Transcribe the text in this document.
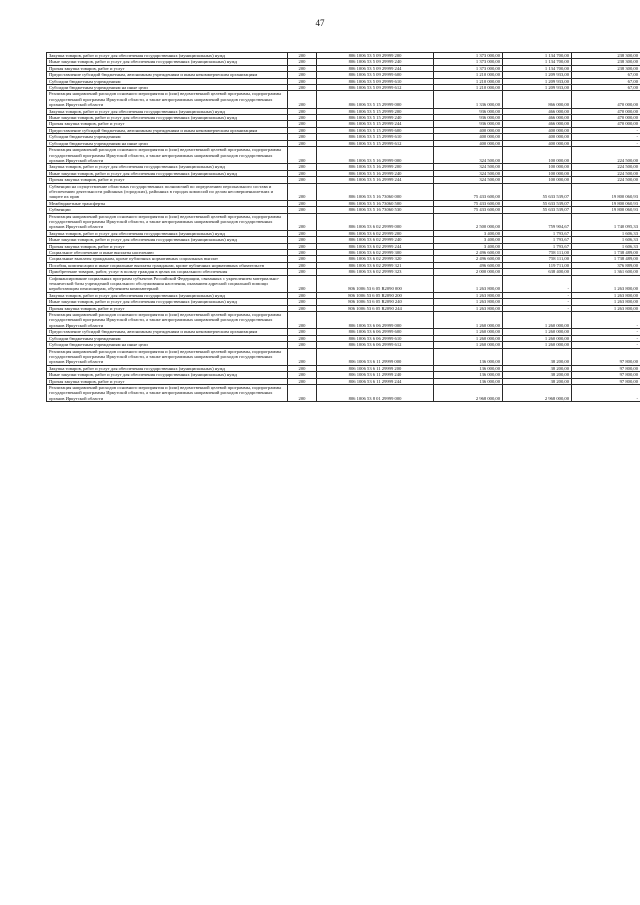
47
Закупка товаров, работ и услуг для обеспечения государственных (муниципальных) нужд	200	806 1006 53 5 09 29999 200	1 373 000,00	1 134 700,00	238 300,00
Иные закупки товаров, работ и услуг для обеспечения государственных (муниципальных) нужд	200	806 1006 53 5 09 29999 240	1 373 000,00	1 134 700,00	238 300,00
Прочая закупка товаров, работ и услуг	200	806 1006 53 5 09 29999 244	1 373 000,00	1 134 700,00	238 300,00
Предоставление субсидий бюджетным, автономным учреждениям и иным некоммерческим организациям	200	806 1006 53 5 09 29999 600	1 210 000,00	1 209 933,00	67,00
Субсидии бюджетным учреждениям	200	806 1006 53 5 09 29999 610	1 210 000,00	1 209 933,00	67,00
Субсидии бюджетным учреждениям на иные цели	200	806 1006 53 5 09 29999 612	1 210 000,00	1 209 933,00	67,00
Реализация направлений расходов основного мероприятия и (или) ведомственной целевой программы, подпрограммы государственной программы Иркутской области, а также непрограммных направлений расходов государственных органов Иркутской области	200	806 1006 53 5 15 29999 000	1 336 000,00	866 000,00	470 000,00
Закупка товаров, работ и услуг для обеспечения государственных (муниципальных) нужд	200	806 1006 53 5 15 29999 200	936 000,00	466 000,00	470 000,00
Иные закупки товаров, работ и услуг для обеспечения государственных (муниципальных) нужд	200	806 1006 53 5 15 29999 240	936 000,00	466 000,00	470 000,00
Прочая закупка товаров, работ и услуг	200	806 1006 53 5 15 29999 244	936 000,00	466 000,00	470 000,00
Предоставление субсидий бюджетным, автономным учреждениям и иным некоммерческим организациям	200	806 1006 53 5 15 29999 600	400 000,00	400 000,00	-
Субсидии бюджетным учреждениям	200	806 1006 53 5 15 29999 610	400 000,00	400 000,00	-
Субсидии бюджетным учреждениям на иные цели	200	806 1006 53 5 15 29999 612	400 000,00	400 000,00	-
Реализация направлений расходов основного мероприятия и (или) ведомственной целевой программы, подпрограммы государственной программы Иркутской области, а также непрограммных направлений расходов государственных органов Иркутской области	200	806 1006 53 5 16 29999 000	324 500,00	100 000,00	224 500,00
Закупка товаров, работ и услуг для обеспечения государственных (муниципальных) нужд	200	806 1006 53 5 16 29999 200	324 500,00	100 000,00	224 500,00
Иные закупки товаров, работ и услуг для обеспечения государственных (муниципальных) нужд	200	806 1006 53 5 16 29999 240	324 500,00	100 000,00	224 500,00
Прочая закупка товаров, работ и услуг	200	806 1006 53 5 16 29999 244	324 500,00	100 000,00	224 500,00
Субвенции на осуществление областных государственных полномочий по определению персонального состава и обеспечению деятельности районных (городских), районных в городах комиссий по делам несовершеннолетних и защите их прав	200	806 1006 53 5 16 73060 000	75 433 600,00	55 633 539,07	19 800 060,93
Межбюджетные трансферты	200	806 1006 53 5 16 73060 500	75 433 600,00	55 633 539,07	19 800 060,93
Субвенции	200	806 1006 53 5 16 73060 530	75 433 600,00	55 633 539,07	19 800 060,93
Реализация направлений расходов основного мероприятия и (или) ведомственной целевой программы, подпрограммы государственной программы Иркутской области, а также непрограммных направлений расходов государственных органов Иркутской области	200	806 1006 53 6 02 29999 000	2 500 000,00	759 904,67	1 740 095,33
Закупка товаров, работ и услуг для обеспечения государственных (муниципальных) нужд	200	806 1006 53 6 02 29999 200	3 400,00	1 793,67	1 606,33
Иные закупки товаров, работ и услуг для обеспечения государственных (муниципальных) нужд	200	806 1006 53 6 02 29999 240	3 400,00	1 793,67	1 606,33
Прочая закупка товаров, работ и услуг	200	806 1006 53 6 02 29999 244	3 400,00	1 793,67	1 606,33
Социальное обеспечение и иные выплаты населению	200	806 1006 53 6 02 29999 300	2 496 600,00	758 111,00	1 738 489,00
Социальные выплаты гражданам, кроме публичных нормативных социальных выплат	200	806 1006 53 6 02 29999 320	2 496 600,00	758 111,00	1 738 489,00
Пособия, компенсации и иные социальные выплаты гражданам, кроме публичных нормативных обязательств	200	806 1006 53 6 02 29999 321	496 600,00	119 711,00	376 889,00
Приобретение товаров, работ, услуг в пользу граждан в целях их социального обеспечения	200	806 1006 53 6 02 29999 323	2 000 000,00	638 400,00	1 361 600,00
Софинансирование социальных программ субъектов Российской Федерации, связанных с укреплением материально-технической базы учреждений социального обслуживания населения, оказанием адресной социальной помощи неработающим пенсионерам, обучением компьютерной	200	806 1006 53 6 05 R2090 000	1 263 800,00	-	1 263 800,00
Закупка товаров, работ и услуг для обеспечения государственных (муниципальных) нужд	200	806 1006 53 6 05 R2090 200	1 263 800,00	-	1 263 800,00
Иные закупки товаров, работ и услуг для обеспечения государственных (муниципальных) нужд	200	806 1006 53 6 05 R2090 240	1 263 800,00	-	1 263 800,00
Прочая закупка товаров, работ и услуг	200	806 1006 53 6 05 R2090 244	1 263 800,00	-	1 263 800,00
Реализация направлений расходов основного мероприятия и (или) ведомственной целевой программы, подпрограммы государственной программы Иркутской области, а также непрограммных направлений расходов государственных органов Иркутской области	200	806 1006 53 6 06 29999 000	1 260 000,00	1 260 000,00	-
Предоставление субсидий бюджетным, автономным учреждениям и иным некоммерческим организациям	200	806 1006 53 6 06 29999 600	1 260 000,00	1 260 000,00	-
Субсидии бюджетным учреждениям	200	806 1006 53 6 06 29999 610	1 260 000,00	1 260 000,00	-
Субсидии бюджетным учреждениям на иные цели	200	806 1006 53 6 06 29999 612	1 260 000,00	1 260 000,00	-
Реализация направлений расходов основного мероприятия и (или) ведомственной целевой программы, подпрограммы государственной программы Иркутской области, а также непрограммных направлений расходов государственных органов Иркутской области	200	806 1006 53 6 11 29999 000	136 000,00	38 200,00	97 800,00
Закупка товаров, работ и услуг для обеспечения государственных (муниципальных) нужд	200	806 1006 53 6 11 29999 200	136 000,00	38 200,00	97 800,00
Иные закупки товаров, работ и услуг для обеспечения государственных (муниципальных) нужд	200	806 1006 53 6 11 29999 240	136 000,00	38 200,00	97 800,00
Прочая закупка товаров, работ и услуг	200	806 1006 53 6 11 29999 244	136 000,00	38 200,00	97 800,00
Реализация направлений расходов основного мероприятия и (или) ведомственной целевой программы, подпрограммы государственной программы Иркутской области, а также непрограммных направлений расходов государственных органов Иркутской области	200	806 1006 53 8 01 29999 000	2 968 000,00	2 968 000,00	-
